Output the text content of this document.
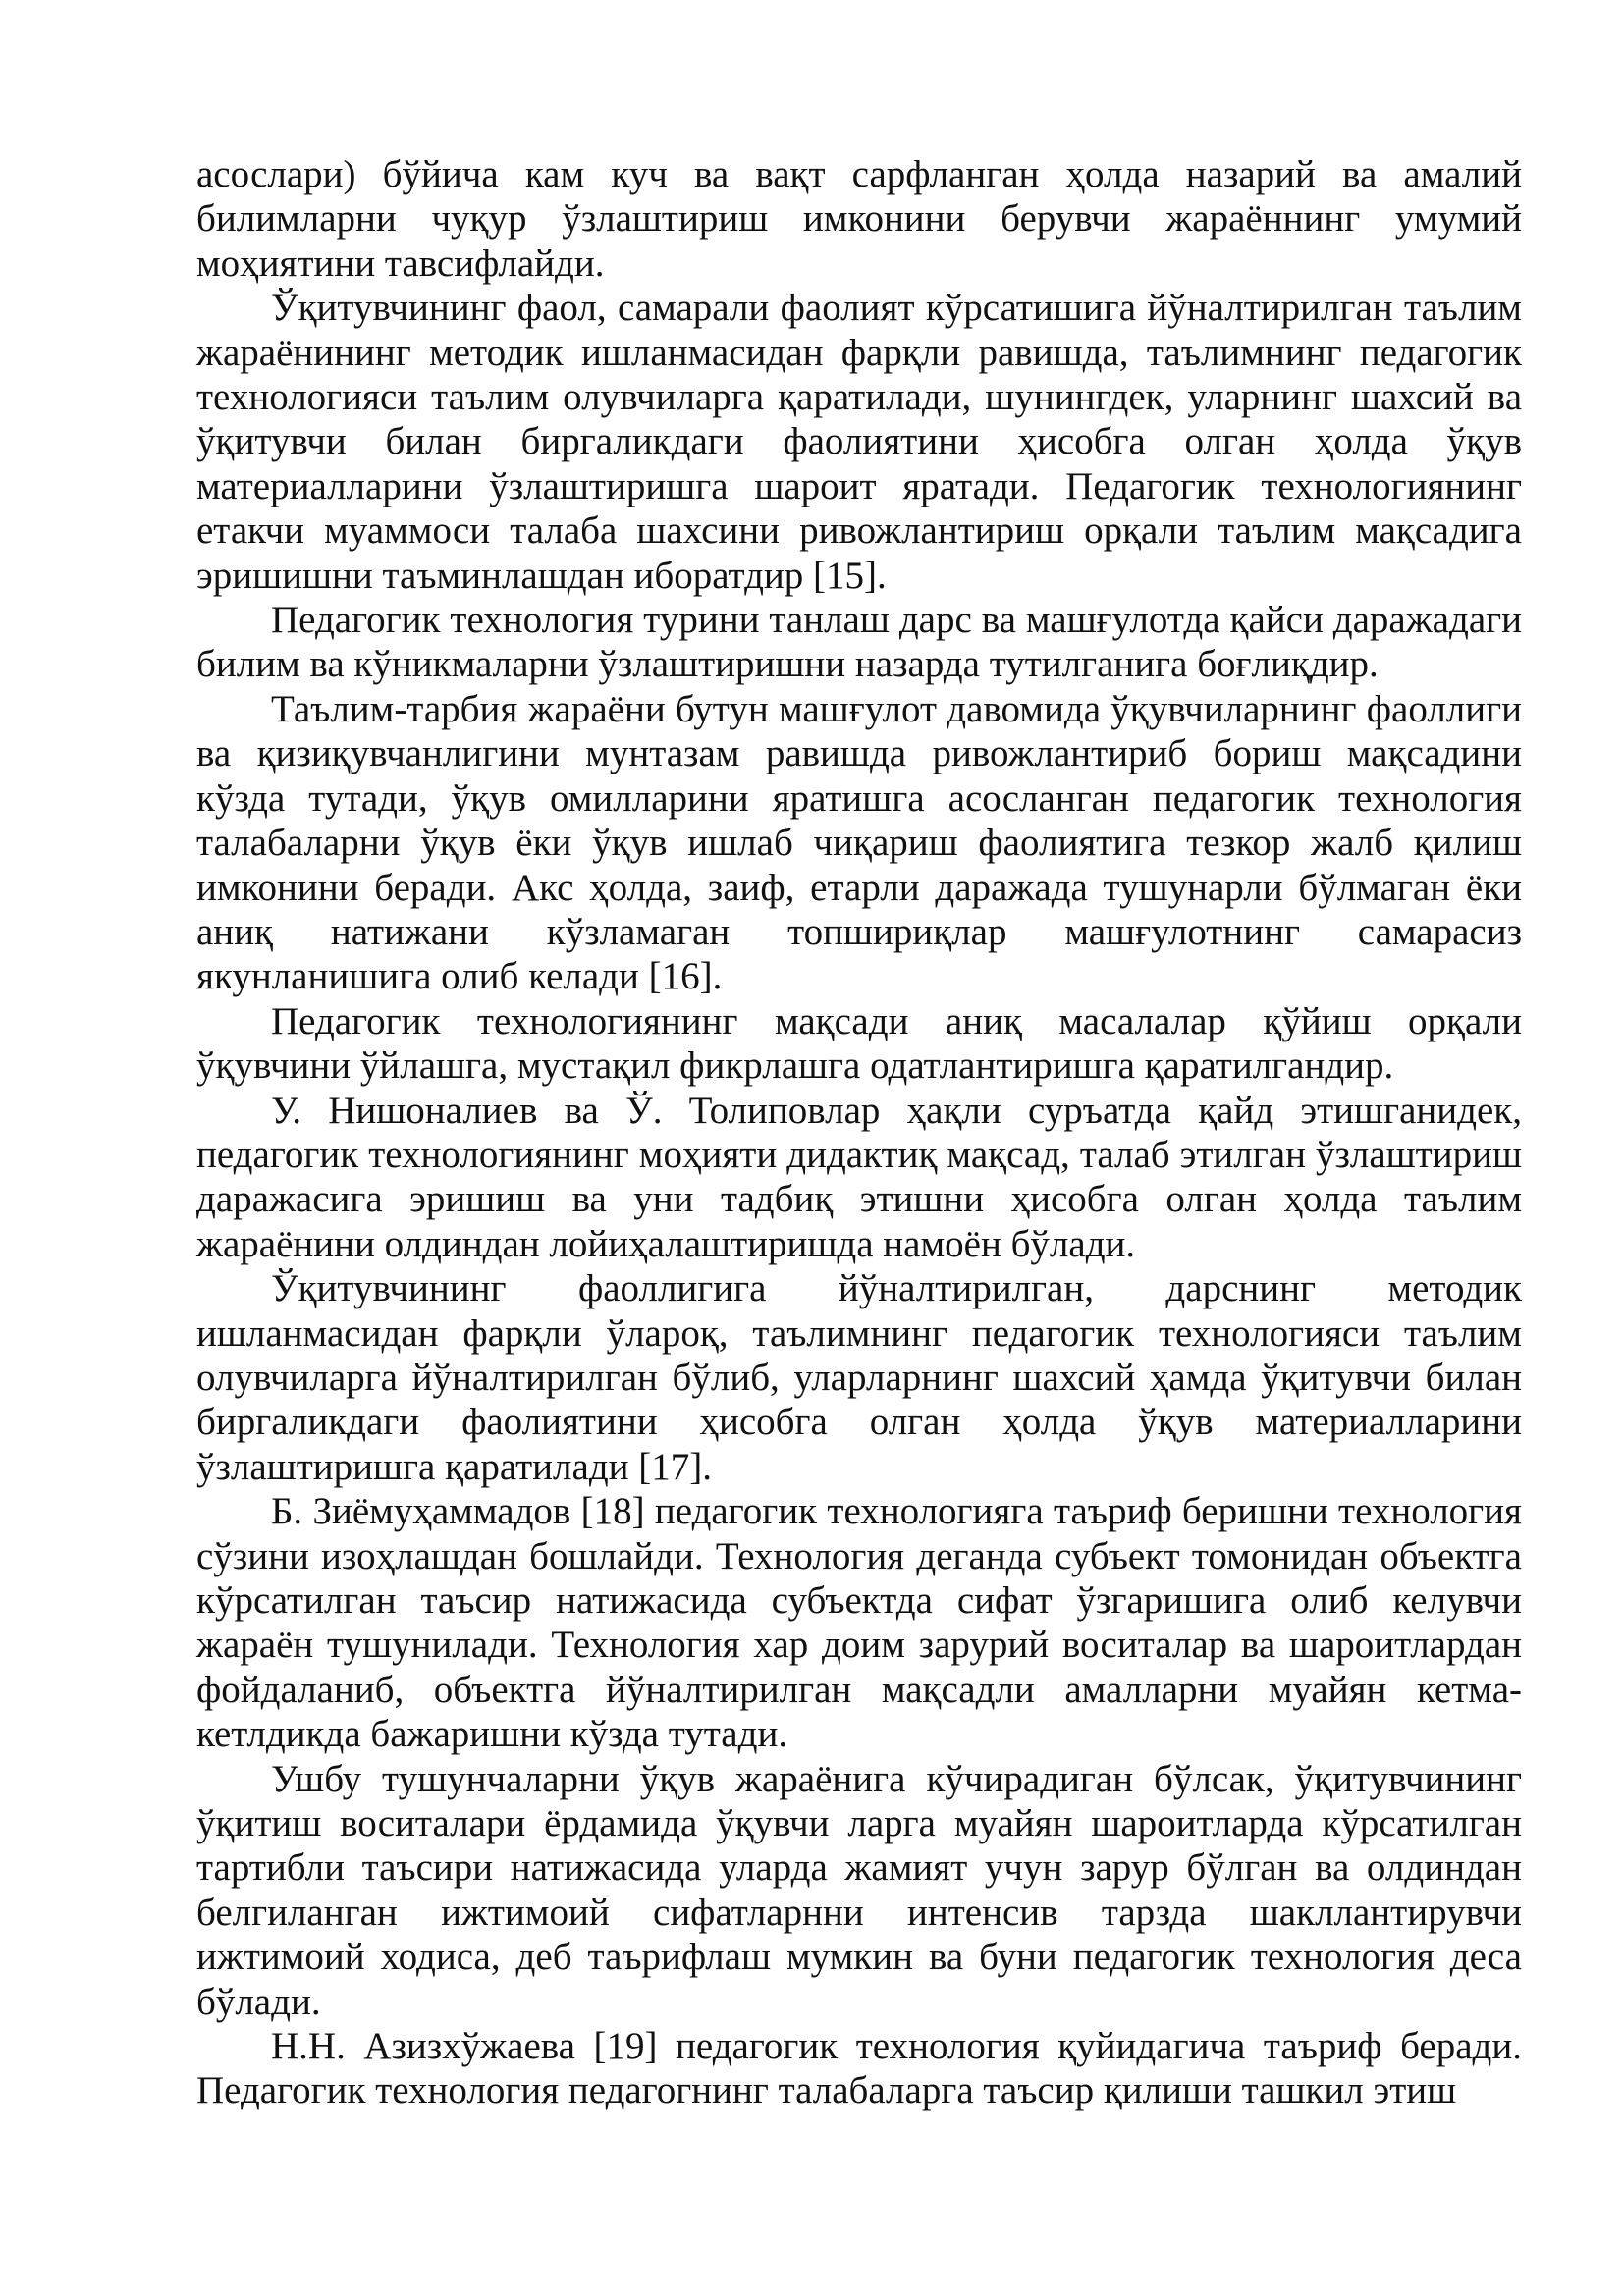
асослари) бўйича кам куч ва вақт сарфланган ҳолда назарий ва амалий билимларни чуқур ўзлаштириш имконини берувчи жараённинг умумий моҳиятини тавсифлайди.

Ўқитувчининг фаол, самарали фаолият кўрсатишига йўналтирилган таълим жараёнининг методик ишланмасидан фарқли равишда, таълимнинг педагогик технологияси таълим олувчиларга қаратилади, шунингдек, уларнинг шахсий ва ўқитувчи билан биргаликдаги фаолиятини ҳисобга олган ҳолда ўқув материалларини ўзлаштиришга шароит яратади. Педагогик технологиянинг етакчи муаммоси талаба шахсини ривожлантириш орқали таълим мақсадига эришишни таъминлашдан иборатдир [15].

Педагогик технология турини танлаш дарс ва машғулотда қайси даражадаги билим ва кўникмаларни ўзлаштиришни назарда тутилганига боғлиқдир.

Таълим-тарбия жараёни бутун машғулот давомида ўқувчиларнинг фаоллиги ва қизиқувчанлигини мунтазам равишда ривожлантириб бориш мақсадини кўзда тутади, ўқув омилларини яратишга асосланган педагогик технология талабаларни ўқув ёки ўқув ишлаб чиқариш фаолиятига тезкор жалб қилиш имконини беради. Акс ҳолда, заиф, етарли даражада тушунарли бўлмаган ёки аниқ натижани кўзламаган топшириқлар машғулотнинг самарасиз якунланишига олиб келади [16].

Педагогик технологиянинг мақсади аниқ масалалар қўйиш орқали ўқувчини ўйлашга, мустақил фикрлашга одатлантиришга қаратилгандир.

У. Нишоналиев ва Ў. Толиповлар ҳақли суръатда қайд этишганидек, педагогик технологиянинг моҳияти дидактиқ мақсад, талаб этилган ўзлаштириш даражасига эришиш ва уни тадбиқ этишни ҳисобга олган ҳолда таълим жараёнини олдиндан лойиҳалаштиришда намоён бўлади.

Ўқитувчининг фаоллигига йўналтирилган, дарснинг методик ишланмасидан фарқли ўларoқ, таълимнинг педагогик технологияси таълим олувчиларга йўналтирилган бўлиб, уларларнинг шахсий ҳамда ўқитувчи билан биргаликдаги фаолиятини ҳисобга олган ҳолда ўқув материалларини ўзлаштиришга қаратилади [17].

Б. Зиёмуҳаммадов [18] педагогик технологияга таъриф беришни технология сўзини изоҳлашдан бошлайди. Технология деганда субъект томонидан объектга кўрсатилган таъсир натижасида субъектда сифат ўзгаришига олиб келувчи жараён тушунилади. Технология хар доим зарурий воситалар ва шароитлардан фойдаланиб, объектга йўналтирилган мақсадли амалларни муайян кетма-кетлдикда бажаришни кўзда тутади.

Ушбу тушунчаларни ўқув жараёнига кўчирадиган бўлсак, ўқитувчининг ўқитиш воситалари ёрдамида ўқувчи ларга муайян шароитларда кўрсатилган тартибли таъсири натижасида уларда жамият учун зарур бўлган ва олдиндан белгиланган ижтимоий сифатларнни интенсив тарзда шакллантирувчи ижтимоий ходиса, деб таърифлаш мумкин ва буни педагогик технология деса бўлади.

Н.Н. Азизхўжаева [19] педагогик технология қуйидагича таъриф беради. Педагогик технология педагогнинг талабаларга таъсир қилиши ташкил этиш
